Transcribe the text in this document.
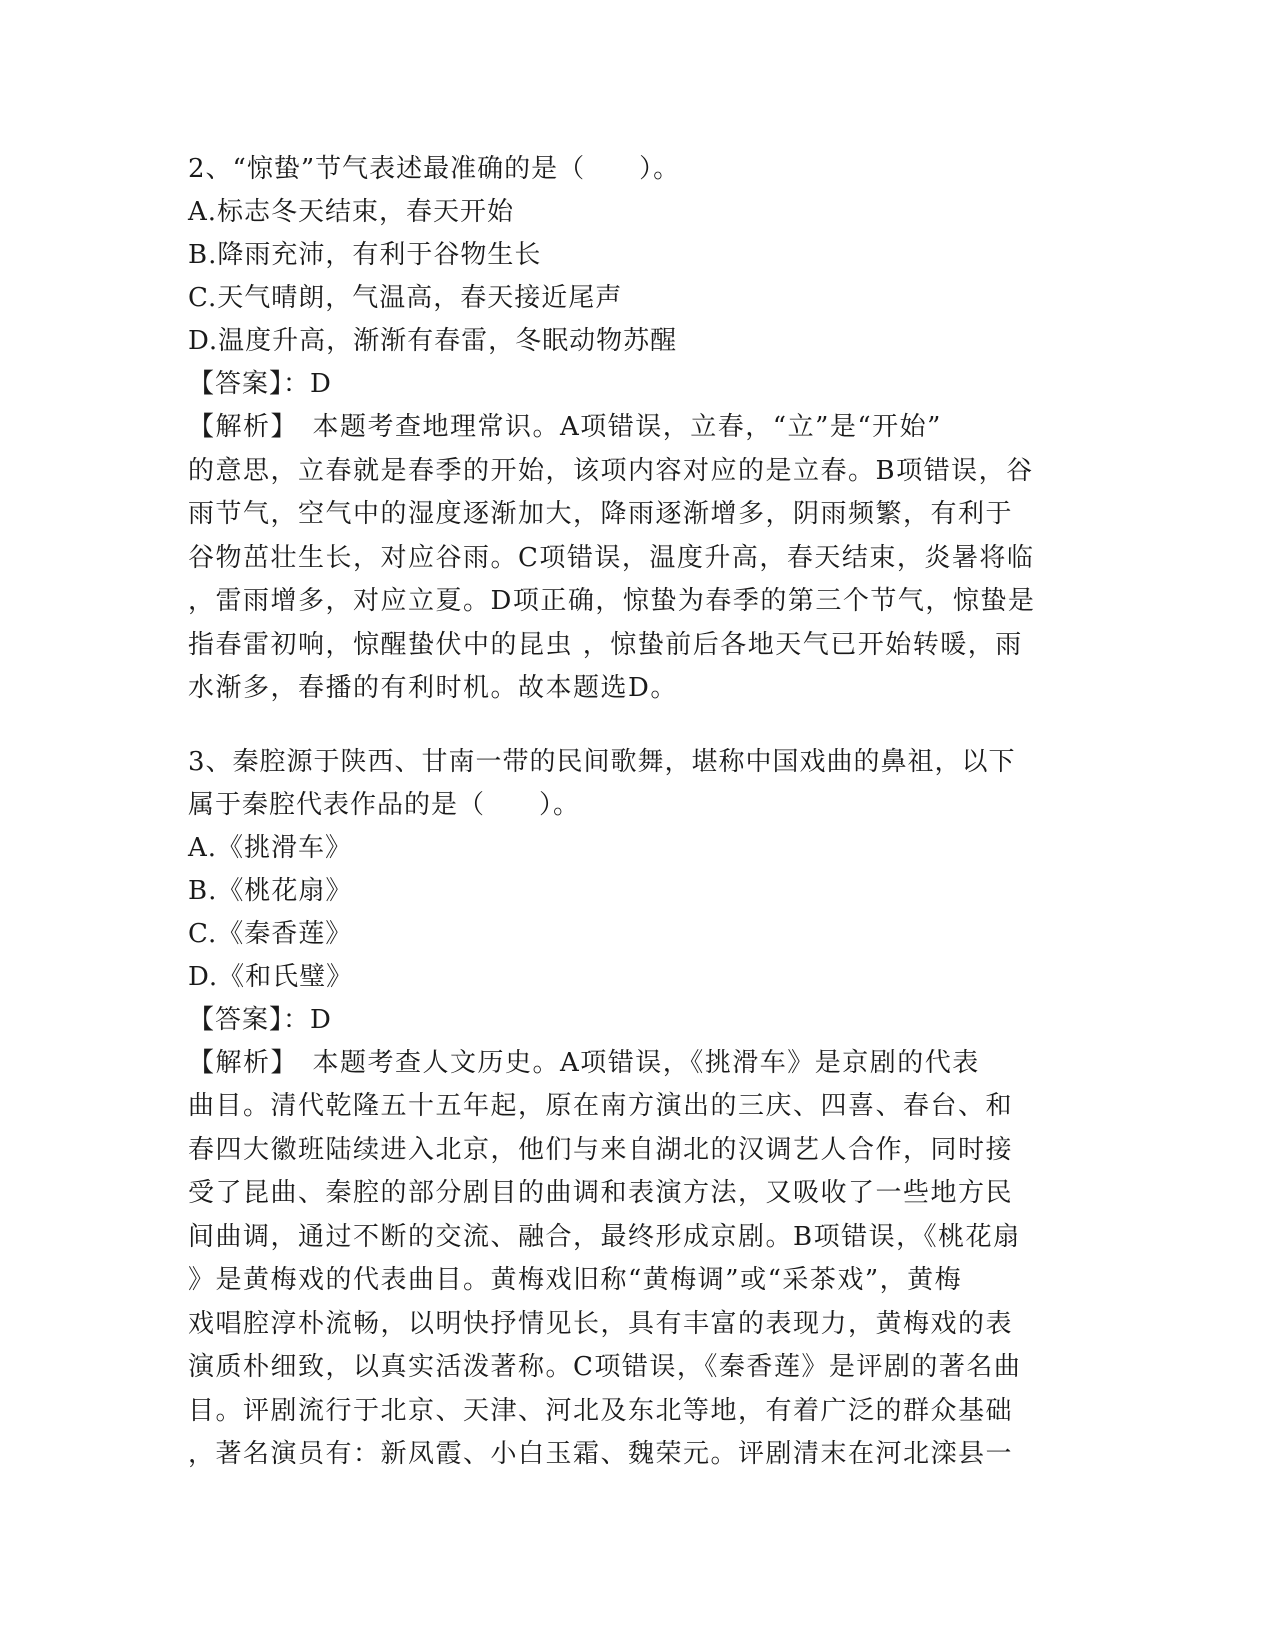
2、“惊蛰”节气表述最准确的是（　　）。
A.标志冬天结束，春天开始
B.降雨充沛，有利于谷物生长
C.天气晴朗，气温高，春天接近尾声
D.温度升高，渐渐有春雷，冬眠动物苏醒
【答案】：D
【解析】　本题考查地理常识。A项错误，立春，“立”是“开始”
的意思，立春就是春季的开始，该项内容对应的是立春。B项错误，谷
雨节气，空气中的湿度逐渐加大，降雨逐渐增多，阴雨频繁，有利于
谷物茁壮生长，对应谷雨。C项错误，温度升高，春天结束，炎暑将临
，雷雨增多，对应立夏。D项正确，惊蛰为春季的第三个节气，惊蛰是
指春雷初响，惊醒蛰伏中的昆虫 ，惊蛰前后各地天气已开始转暖，雨
水渐多，春播的有利时机。故本题选D。
3、秦腔源于陕西、甘南一带的民间歌舞，堪称中国戏曲的鼻祖，以下
属于秦腔代表作品的是（　　）。
A.《挑滑车》
B.《桃花扇》
C.《秦香莲》
D.《和氏璧》
【答案】：D
【解析】　本题考查人文历史。A项错误，《挑滑车》是京剧的代表
曲目。清代乾隆五十五年起，原在南方演出的三庆、四喜、春台、和
春四大徽班陆续进入北京，他们与来自湖北的汉调艺人合作，同时接
受了昆曲、秦腔的部分剧目的曲调和表演方法，又吸收了一些地方民
间曲调，通过不断的交流、融合，最终形成京剧。B项错误，《桃花扇
》是黄梅戏的代表曲目。黄梅戏旧称“黄梅调”或“采茶戏”，黄梅
戏唱腔淳朴流畅，以明快抒情见长，具有丰富的表现力，黄梅戏的表
演质朴细致，以真实活泼著称。C项错误，《秦香莲》是评剧的著名曲
目。评剧流行于北京、天津、河北及东北等地，有着广泛的群众基础
，著名演员有：新凤霞、小白玉霜、魏荣元。评剧清末在河北滦县一
